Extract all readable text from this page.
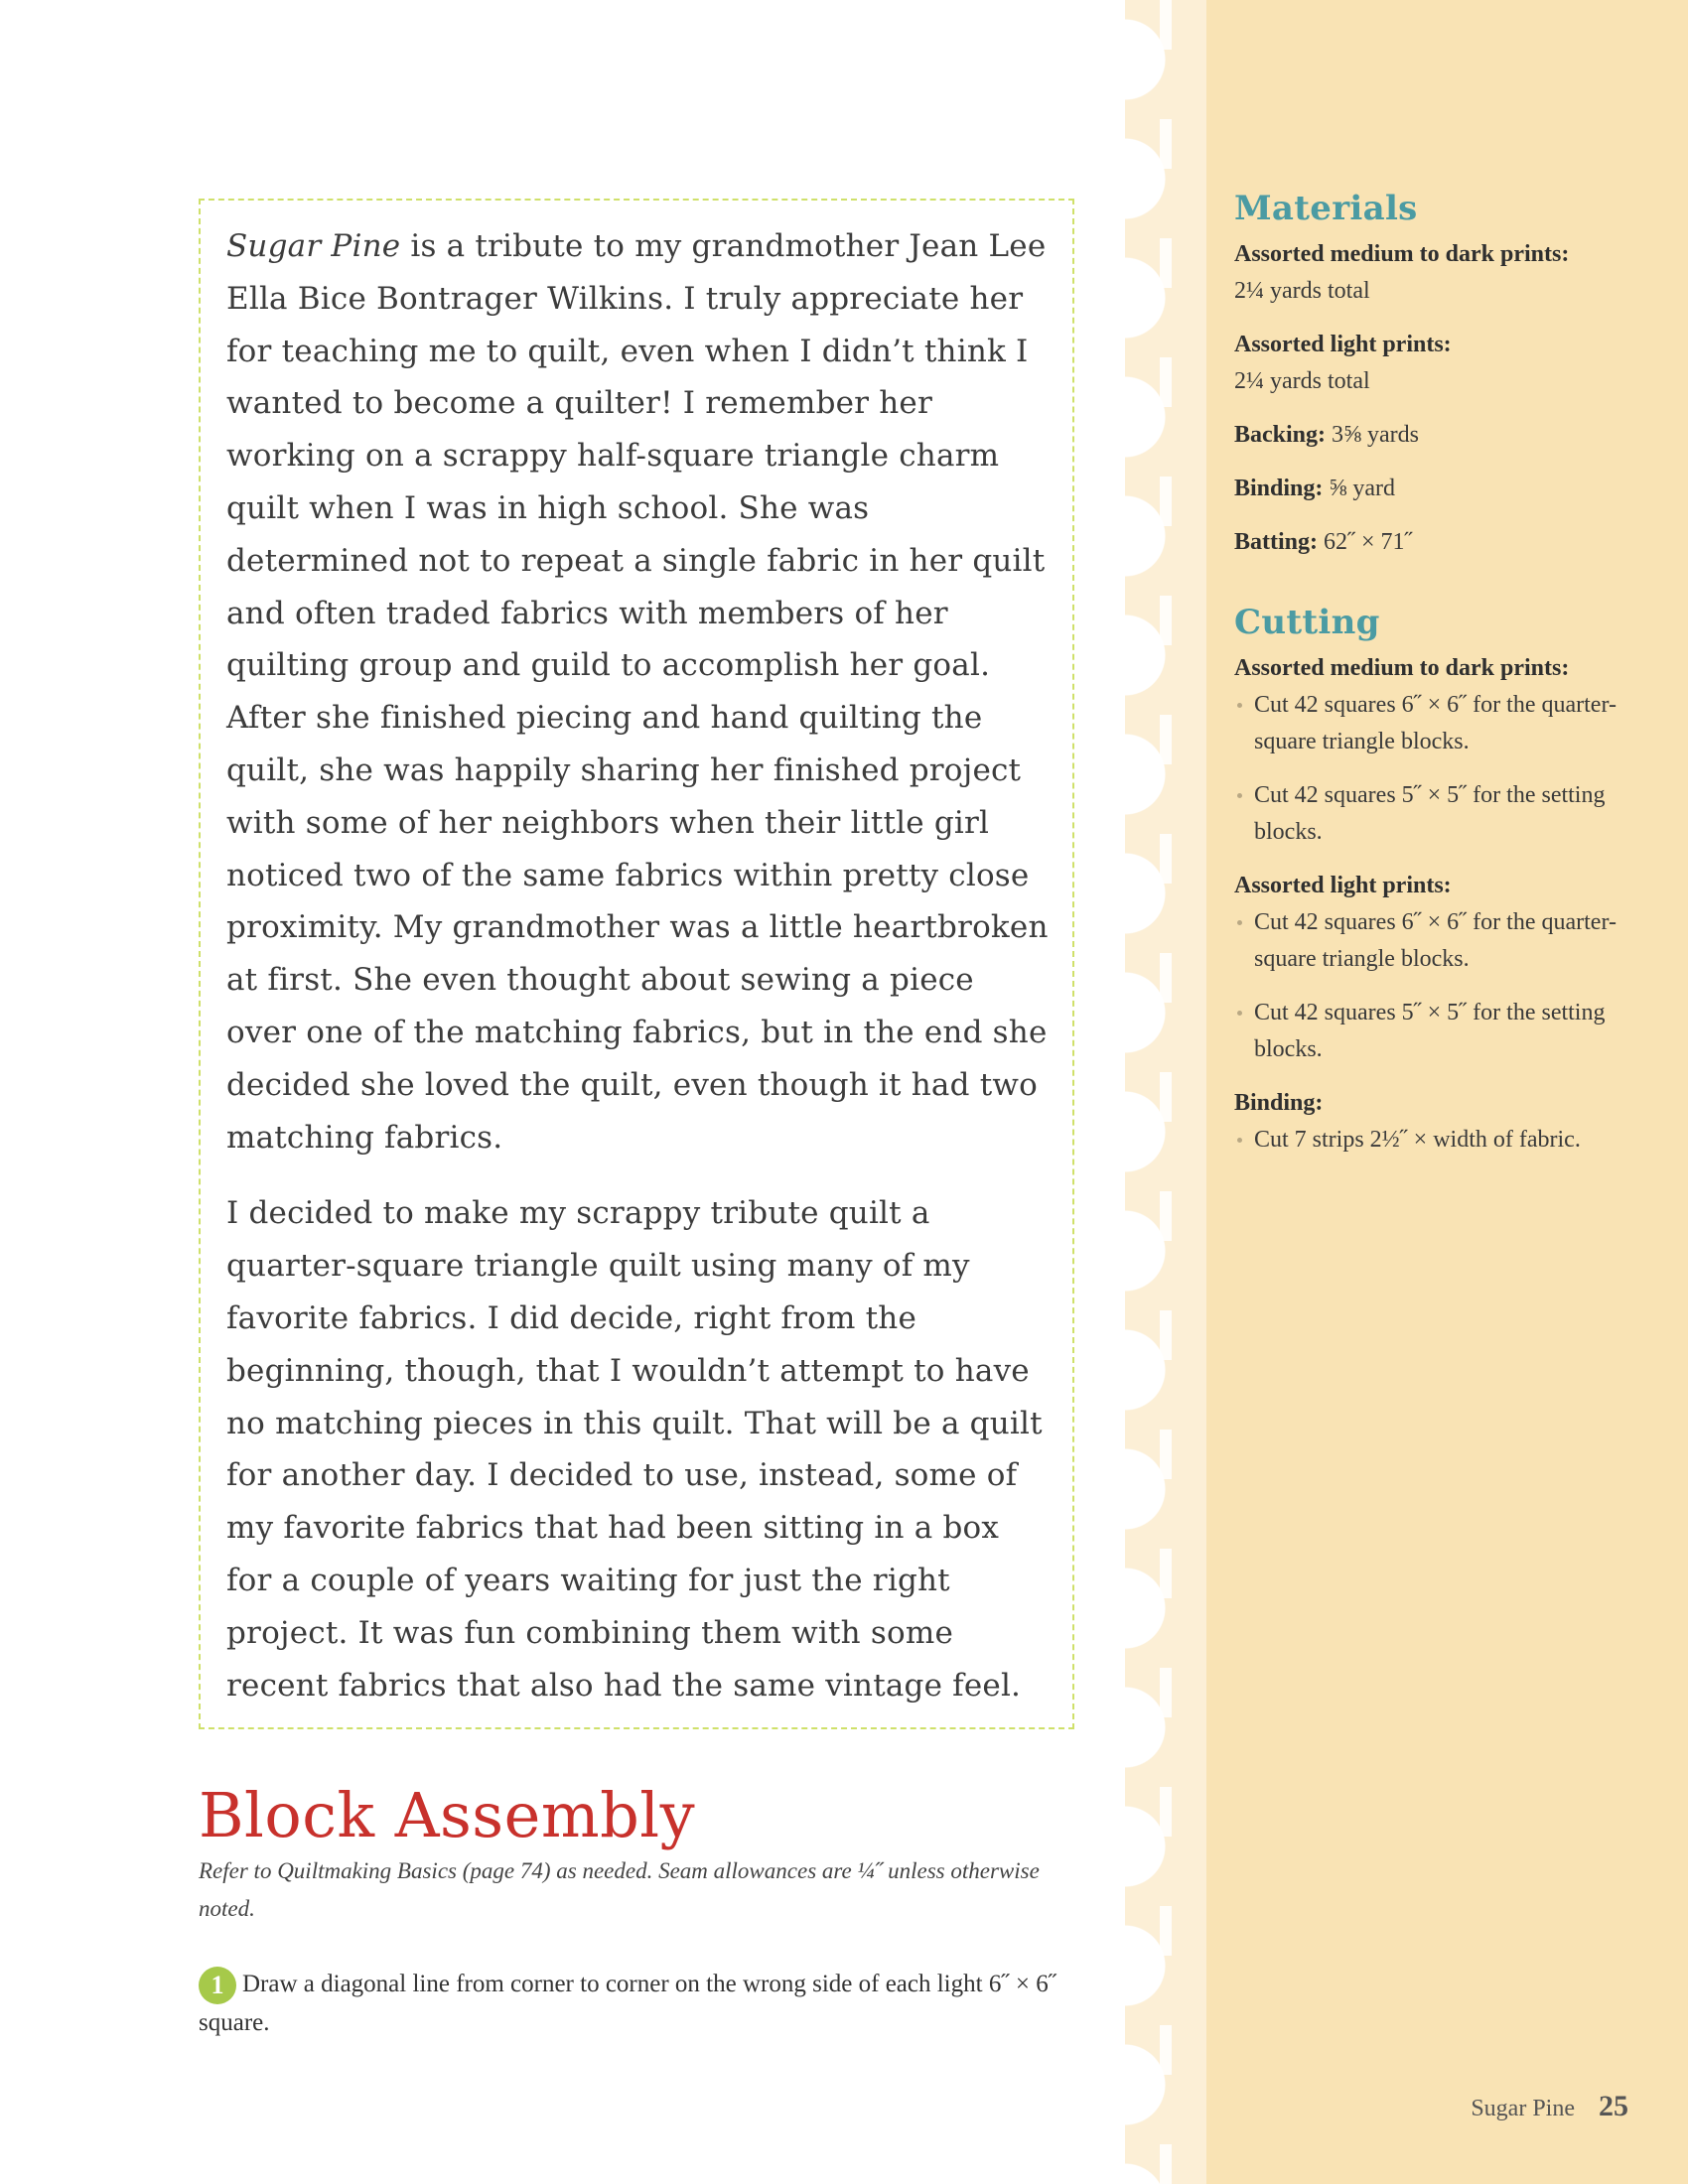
Sugar Pine is a tribute to my grandmother Jean Lee Ella Bice Bontrager Wilkins. I truly appreciate her for teaching me to quilt, even when I didn’t think I wanted to become a quilter! I remember her working on a scrappy half-square triangle charm quilt when I was in high school. She was determined not to repeat a single fabric in her quilt and often traded fabrics with members of her quilting group and guild to accomplish her goal. After she finished piecing and hand quilting the quilt, she was happily sharing her finished project with some of her neighbors when their little girl noticed two of the same fabrics within pretty close proximity. My grandmother was a little heartbroken at first. She even thought about sewing a piece over one of the matching fabrics, but in the end she decided she loved the quilt, even though it had two matching fabrics.

I decided to make my scrappy tribute quilt a quarter-square triangle quilt using many of my favorite fabrics. I did decide, right from the beginning, though, that I wouldn’t attempt to have no matching pieces in this quilt. That will be a quilt for another day. I decided to use, instead, some of my favorite fabrics that had been sitting in a box for a couple of years waiting for just the right project. It was fun combining them with some recent fabrics that also had the same vintage feel.

Block Assembly
Refer to Quiltmaking Basics (page 74) as needed. Seam allowances are ¼˝ unless otherwise noted.
1 Draw a diagonal line from corner to corner on the wrong side of each light 6˝ × 6˝ square.
Materials
Assorted medium to dark prints:
2¼ yards total
Assorted light prints:
2¼ yards total
Backing: 3⅝ yards
Binding: ⅝ yard
Batting: 62˝ × 71˝
Cutting
Assorted medium to dark prints:
Cut 42 squares 6˝ × 6˝ for the quarter-square triangle blocks.
Cut 42 squares 5˝ × 5˝ for the setting blocks.
Assorted light prints:
Cut 42 squares 6˝ × 6˝ for the quarter-square triangle blocks.
Cut 42 squares 5˝ × 5˝ for the setting blocks.
Binding:
Cut 7 strips 2½˝ × width of fabric.
Sugar Pine 25
